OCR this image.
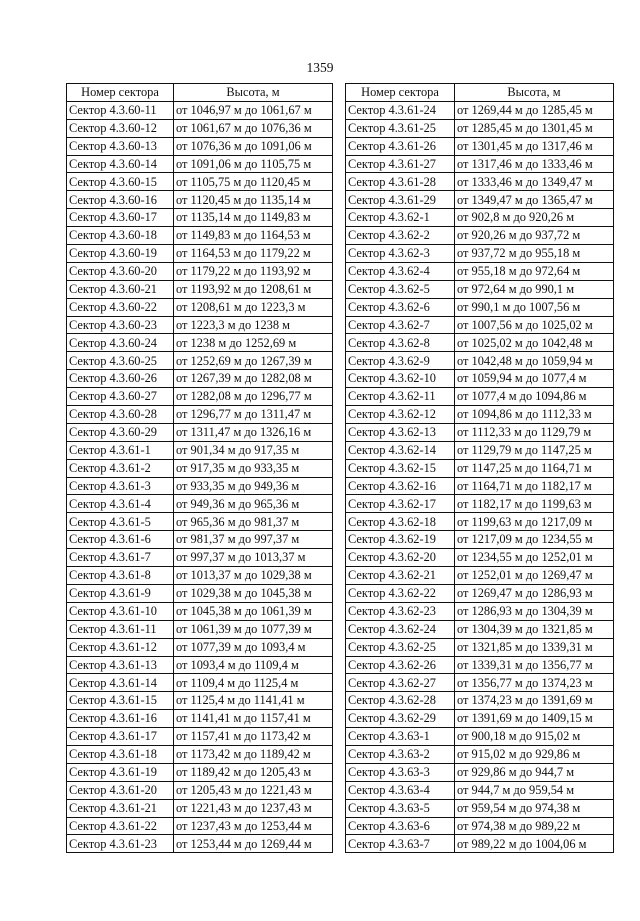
1359
Номер сектора	Высота, м
Сектор 4.3.60-11	от 1046,97 м до 1061,67 м
Сектор 4.3.60-12	от 1061,67 м до 1076,36 м
Сектор 4.3.60-13	от 1076,36 м до 1091,06 м
Сектор 4.3.60-14	от 1091,06 м до 1105,75 м
Сектор 4.3.60-15	от 1105,75 м до 1120,45 м
Сектор 4.3.60-16	от 1120,45 м до 1135,14 м
Сектор 4.3.60-17	от 1135,14 м до 1149,83 м
Сектор 4.3.60-18	от 1149,83 м до 1164,53 м
Сектор 4.3.60-19	от 1164,53 м до 1179,22 м
Сектор 4.3.60-20	от 1179,22 м до 1193,92 м
Сектор 4.3.60-21	от 1193,92 м до 1208,61 м
Сектор 4.3.60-22	от 1208,61 м до 1223,3 м
Сектор 4.3.60-23	от 1223,3 м до 1238 м
Сектор 4.3.60-24	от 1238 м до 1252,69 м
Сектор 4.3.60-25	от 1252,69 м до 1267,39 м
Сектор 4.3.60-26	от 1267,39 м до 1282,08 м
Сектор 4.3.60-27	от 1282,08 м до 1296,77 м
Сектор 4.3.60-28	от 1296,77 м до 1311,47 м
Сектор 4.3.60-29	от 1311,47 м до 1326,16 м
Сектор 4.3.61-1	от 901,34 м до 917,35 м
Сектор 4.3.61-2	от 917,35 м до 933,35 м
Сектор 4.3.61-3	от 933,35 м до 949,36 м
Сектор 4.3.61-4	от 949,36 м до 965,36 м
Сектор 4.3.61-5	от 965,36 м до 981,37 м
Сектор 4.3.61-6	от 981,37 м до 997,37 м
Сектор 4.3.61-7	от 997,37 м до 1013,37 м
Сектор 4.3.61-8	от 1013,37 м до 1029,38 м
Сектор 4.3.61-9	от 1029,38 м до 1045,38 м
Сектор 4.3.61-10	от 1045,38 м до 1061,39 м
Сектор 4.3.61-11	от 1061,39 м до 1077,39 м
Сектор 4.3.61-12	от 1077,39 м до 1093,4 м
Сектор 4.3.61-13	от 1093,4 м до 1109,4 м
Сектор 4.3.61-14	от 1109,4 м до 1125,4 м
Сектор 4.3.61-15	от 1125,4 м до 1141,41 м
Сектор 4.3.61-16	от 1141,41 м до 1157,41 м
Сектор 4.3.61-17	от 1157,41 м до 1173,42 м
Сектор 4.3.61-18	от 1173,42 м до 1189,42 м
Сектор 4.3.61-19	от 1189,42 м до 1205,43 м
Сектор 4.3.61-20	от 1205,43 м до 1221,43 м
Сектор 4.3.61-21	от 1221,43 м до 1237,43 м
Сектор 4.3.61-22	от 1237,43 м до 1253,44 м
Сектор 4.3.61-23	от 1253,44 м до 1269,44 м
Номер сектора	Высота, м
Сектор 4.3.61-24	от 1269,44 м до 1285,45 м
Сектор 4.3.61-25	от 1285,45 м до 1301,45 м
Сектор 4.3.61-26	от 1301,45 м до 1317,46 м
Сектор 4.3.61-27	от 1317,46 м до 1333,46 м
Сектор 4.3.61-28	от 1333,46 м до 1349,47 м
Сектор 4.3.61-29	от 1349,47 м до 1365,47 м
Сектор 4.3.62-1	от 902,8 м до 920,26 м
Сектор 4.3.62-2	от 920,26 м до 937,72 м
Сектор 4.3.62-3	от 937,72 м до 955,18 м
Сектор 4.3.62-4	от 955,18 м до 972,64 м
Сектор 4.3.62-5	от 972,64 м до 990,1 м
Сектор 4.3.62-6	от 990,1 м до 1007,56 м
Сектор 4.3.62-7	от 1007,56 м до 1025,02 м
Сектор 4.3.62-8	от 1025,02 м до 1042,48 м
Сектор 4.3.62-9	от 1042,48 м до 1059,94 м
Сектор 4.3.62-10	от 1059,94 м до 1077,4 м
Сектор 4.3.62-11	от 1077,4 м до 1094,86 м
Сектор 4.3.62-12	от 1094,86 м до 1112,33 м
Сектор 4.3.62-13	от 1112,33 м до 1129,79 м
Сектор 4.3.62-14	от 1129,79 м до 1147,25 м
Сектор 4.3.62-15	от 1147,25 м до 1164,71 м
Сектор 4.3.62-16	от 1164,71 м до 1182,17 м
Сектор 4.3.62-17	от 1182,17 м до 1199,63 м
Сектор 4.3.62-18	от 1199,63 м до 1217,09 м
Сектор 4.3.62-19	от 1217,09 м до 1234,55 м
Сектор 4.3.62-20	от 1234,55 м до 1252,01 м
Сектор 4.3.62-21	от 1252,01 м до 1269,47 м
Сектор 4.3.62-22	от 1269,47 м до 1286,93 м
Сектор 4.3.62-23	от 1286,93 м до 1304,39 м
Сектор 4.3.62-24	от 1304,39 м до 1321,85 м
Сектор 4.3.62-25	от 1321,85 м до 1339,31 м
Сектор 4.3.62-26	от 1339,31 м до 1356,77 м
Сектор 4.3.62-27	от 1356,77 м до 1374,23 м
Сектор 4.3.62-28	от 1374,23 м до 1391,69 м
Сектор 4.3.62-29	от 1391,69 м до 1409,15 м
Сектор 4.3.63-1	от 900,18 м до 915,02 м
Сектор 4.3.63-2	от 915,02 м до 929,86 м
Сектор 4.3.63-3	от 929,86 м до 944,7 м
Сектор 4.3.63-4	от 944,7 м до 959,54 м
Сектор 4.3.63-5	от 959,54 м до 974,38 м
Сектор 4.3.63-6	от 974,38 м до 989,22 м
Сектор 4.3.63-7	от 989,22 м до 1004,06 м
